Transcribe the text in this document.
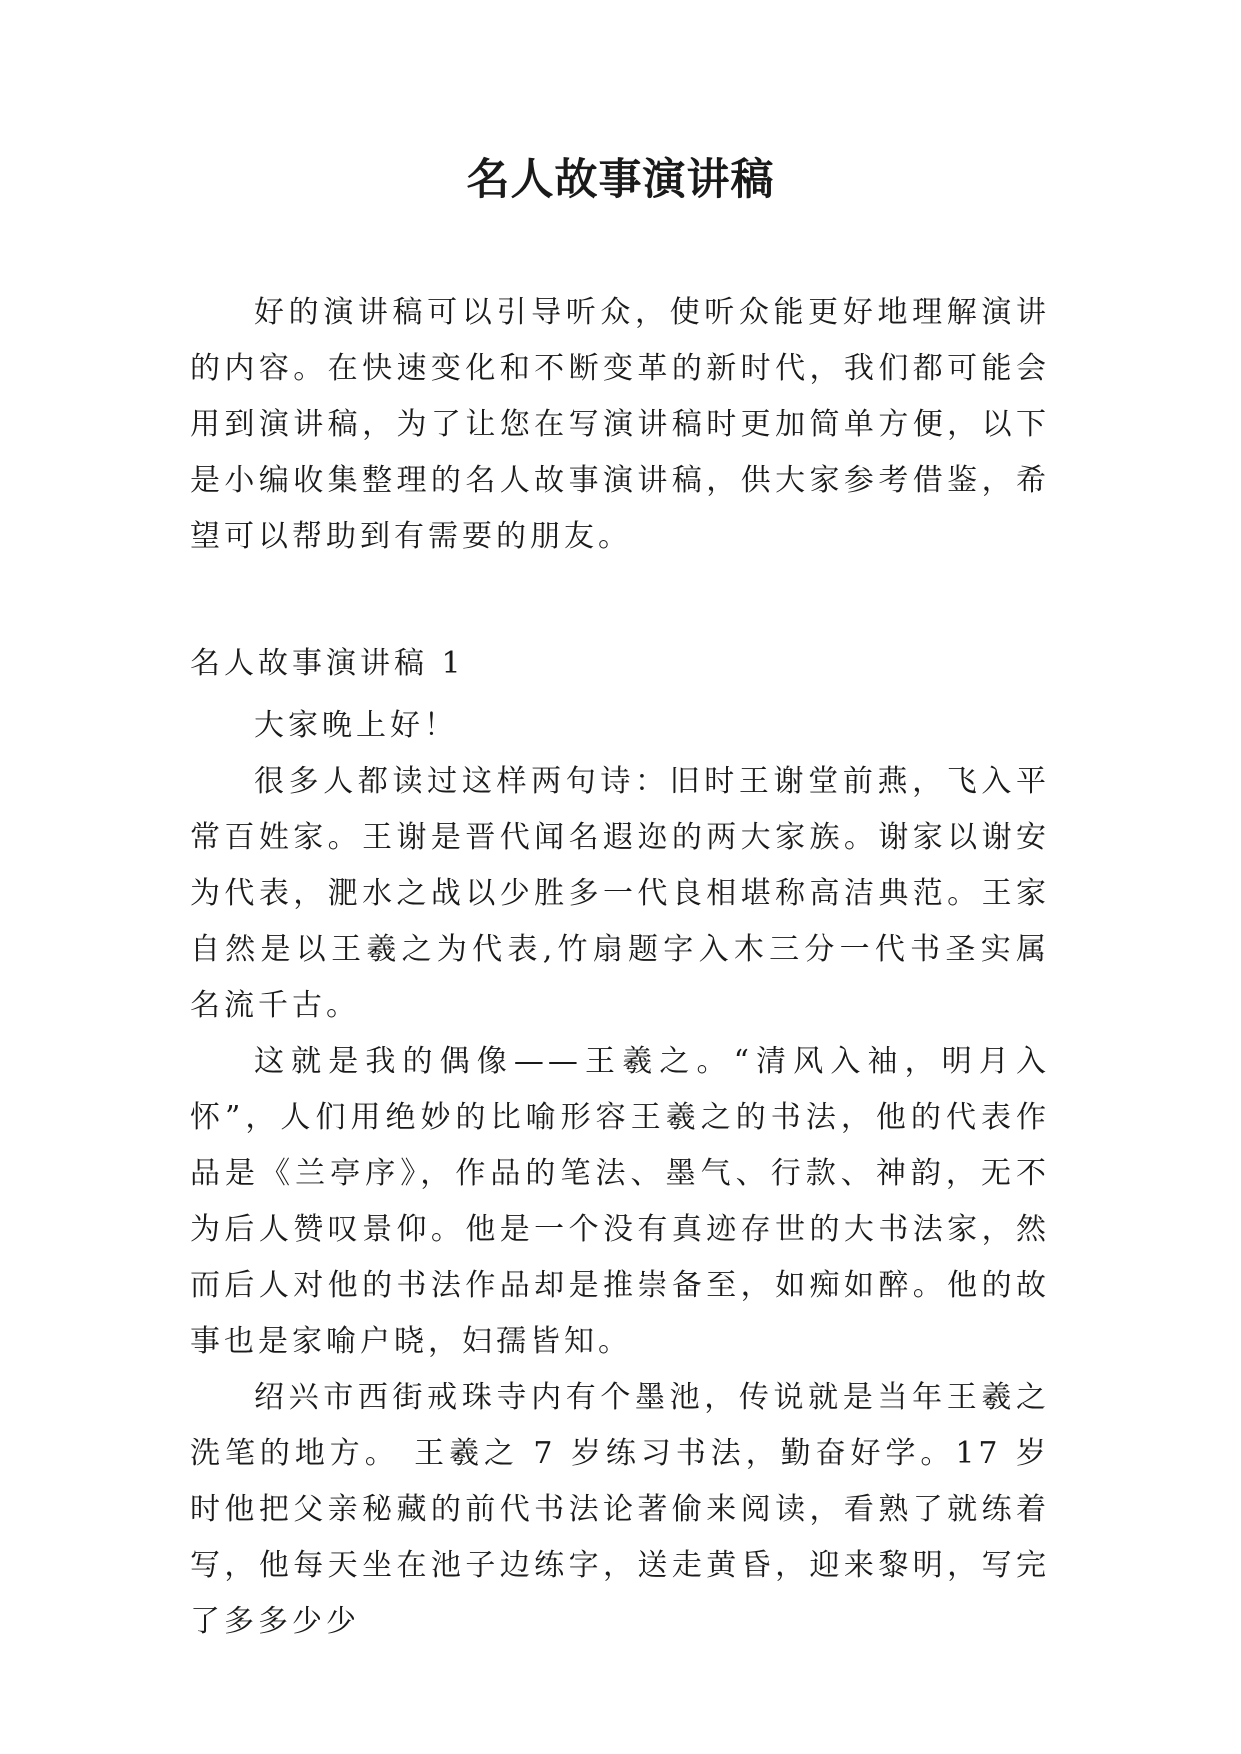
名人故事演讲稿

好的演讲稿可以引导听众，使听众能更好地理解演讲的内容。在快速变化和不断变革的新时代，我们都可能会用到演讲稿，为了让您在写演讲稿时更加简单方便，以下是小编收集整理的名人故事演讲稿，供大家参考借鉴，希望可以帮助到有需要的朋友。

名人故事演讲稿 1

大家晚上好！

很多人都读过这样两句诗：旧时王谢堂前燕，飞入平常百姓家。王谢是晋代闻名遐迩的两大家族。谢家以谢安为代表，淝水之战以少胜多一代良相堪称高洁典范。王家自然是以王羲之为代表,竹扇题字入木三分一代书圣实属名流千古。

这就是我的偶像——王羲之。“清风入袖，明月入怀”，人们用绝妙的比喻形容王羲之的书法，他的代表作品是《兰亭序》，作品的笔法、墨气、行款、神韵，无不为后人赞叹景仰。他是一个没有真迹存世的大书法家，然而后人对他的书法作品却是推崇备至，如痴如醉。他的故事也是家喻户晓，妇孺皆知。

绍兴市西街戒珠寺内有个墨池，传说就是当年王羲之洗笔的地方。 王羲之 7 岁练习书法，勤奋好学。17 岁时他把父亲秘藏的前代书法论著偷来阅读，看熟了就练着写，他每天坐在池子边练字，送走黄昏，迎来黎明，写完了多多少少
